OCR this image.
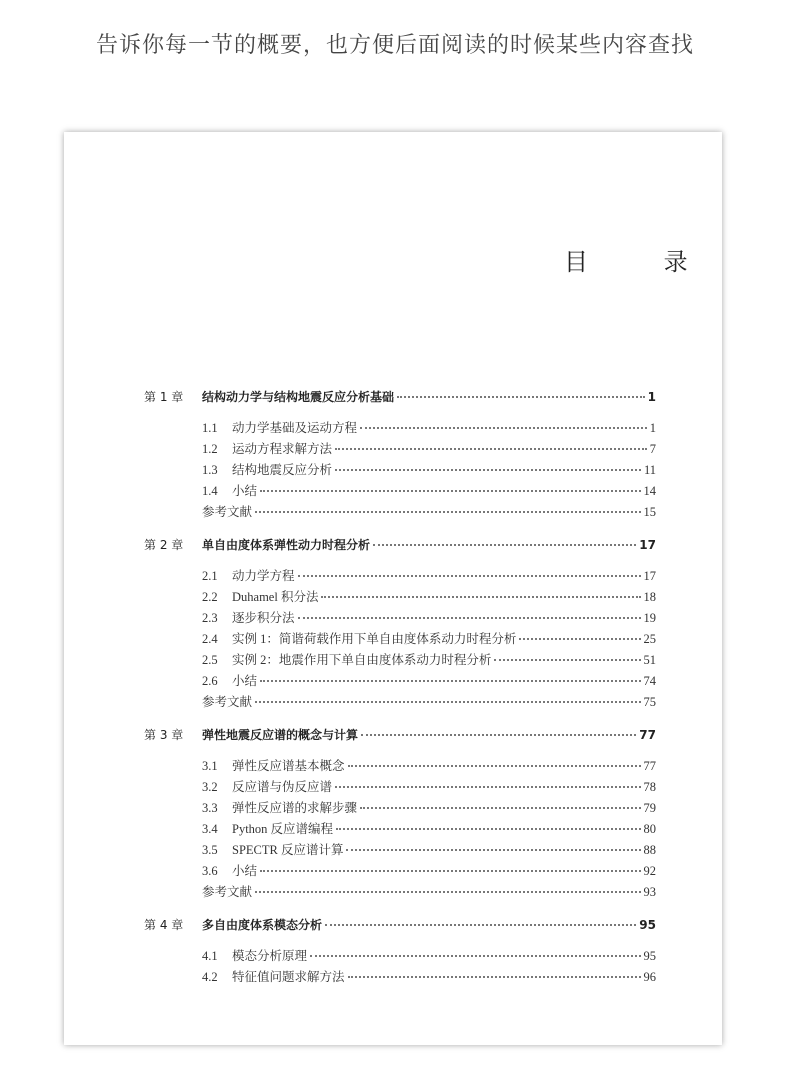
告诉你每一节的概要，也方便后面阅读的时候某些内容查找
目 录
第 1 章	结构动力学与结构地震反应分析基础	1
1.1	动力学基础及运动方程	1
1.2	运动方程求解方法	7
1.3	结构地震反应分析	11
1.4	小结	14
参考文献	15
第 2 章	单自由度体系弹性动力时程分析	17
2.1	动力学方程	17
2.2	Duhamel 积分法	18
2.3	逐步积分法	19
2.4	实例 1：简谐荷载作用下单自由度体系动力时程分析	25
2.5	实例 2：地震作用下单自由度体系动力时程分析	51
2.6	小结	74
参考文献	75
第 3 章	弹性地震反应谱的概念与计算	77
3.1	弹性反应谱基本概念	77
3.2	反应谱与伪反应谱	78
3.3	弹性反应谱的求解步骤	79
3.4	Python 反应谱编程	80
3.5	SPECTR 反应谱计算	88
3.6	小结	92
参考文献	93
第 4 章	多自由度体系模态分析	95
4.1	模态分析原理	95
4.2	特征值问题求解方法	96
